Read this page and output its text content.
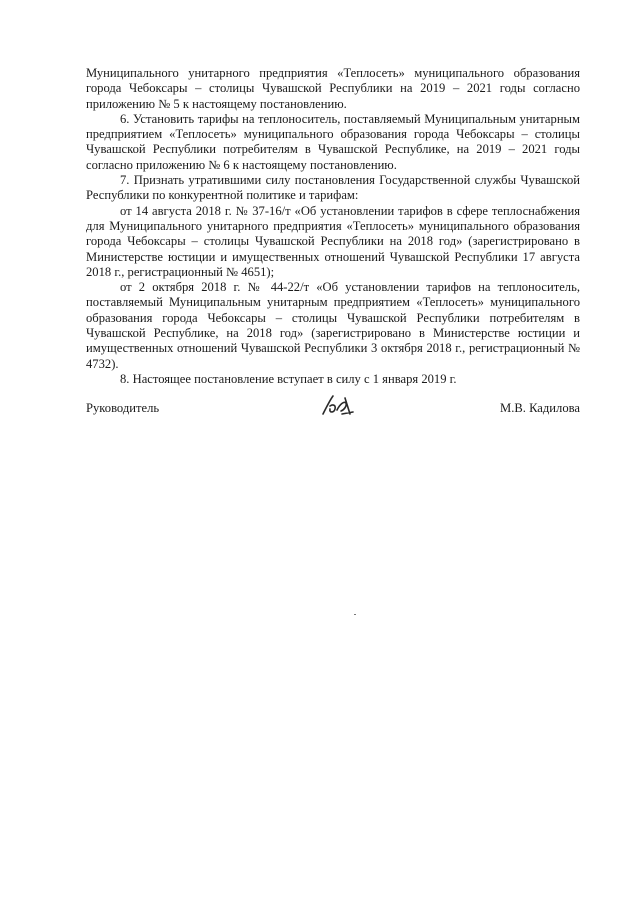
Муниципального унитарного предприятия «Теплосеть» муниципального образования города Чебоксары – столицы Чувашской Республики на 2019 – 2021 годы согласно приложению № 5 к настоящему постановлению.

6. Установить тарифы на теплоноситель, поставляемый Муниципальным унитарным предприятием «Теплосеть» муниципального образования города Чебоксары – столицы Чувашской Республики потребителям в Чувашской Республике, на 2019 – 2021 годы согласно приложению № 6 к настоящему постановлению.

7. Признать утратившими силу постановления Государственной службы Чувашской Республики по конкурентной политике и тарифам:

от 14 августа 2018 г. № 37-16/т «Об установлении тарифов в сфере теплоснабжения для Муниципального унитарного предприятия «Теплосеть» муниципального образования города Чебоксары – столицы Чувашской Республики на 2018 год» (зарегистрировано в Министерстве юстиции и имущественных отношений Чувашской Республики 17 августа 2018 г., регистрационный № 4651);

от 2 октября 2018 г. № 44-22/т «Об установлении тарифов на теплоноситель, поставляемый Муниципальным унитарным предприятием «Теплосеть» муниципального образования города Чебоксары – столицы Чувашской Республики потребителям в Чувашской Республике, на 2018 год» (зарегистрировано в Министерстве юстиции и имущественных отношений Чувашской Республики 3 октября 2018 г., регистрационный № 4732).

8. Настоящее постановление вступает в силу с 1 января 2019 г.

Руководитель	М.В. Кадилова
